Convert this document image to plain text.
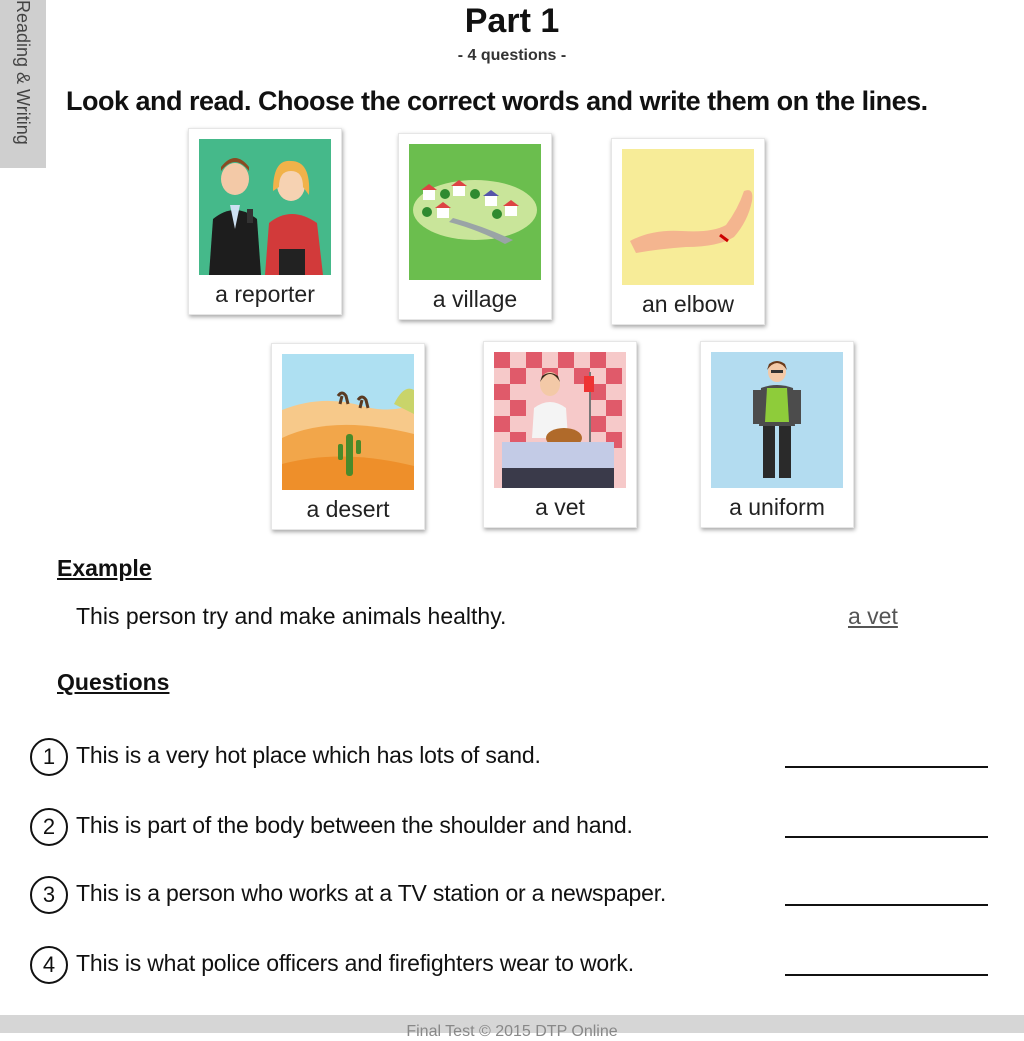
Reading & Writing	Part 1
- 4 questions -
Look and read. Choose the correct words and write them on the lines.
a reporter	a village	an elbow
a desert	a vet	a uniform
Example
This person try and make animals healthy.	a vet
Questions
1 This is a very hot place which has lots of sand.
2 This is part of the body between the shoulder and hand.
3 This is a person who works at a TV station or a newspaper.
4 This is what police officers and firefighters wear to work.
Final Test © 2015 DTP Online
